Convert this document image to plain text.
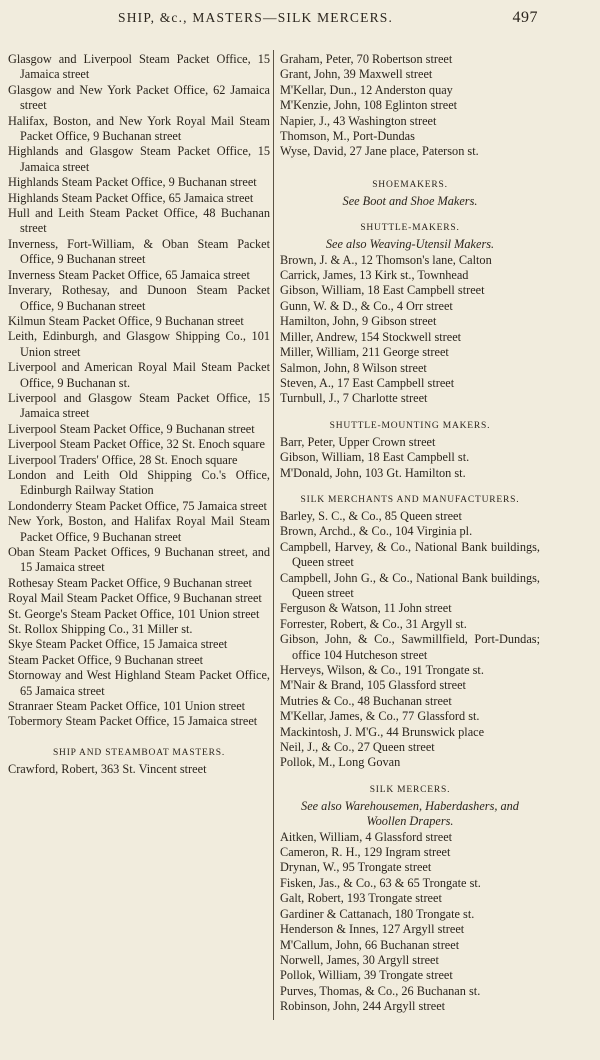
SHIP, &c., MASTERS—SILK MERCERS.	497
Glasgow and Liverpool Steam Packet Office, 15 Jamaica street
Glasgow and New York Packet Office, 62 Jamaica street
Halifax, Boston, and New York Royal Mail Steam Packet Office, 9 Buchanan street
Highlands and Glasgow Steam Packet Office, 15 Jamaica street
Highlands Steam Packet Office, 9 Buchanan street
Highlands Steam Packet Office, 65 Jamaica street
Hull and Leith Steam Packet Office, 48 Buchanan street
Inverness, Fort-William, & Oban Steam Packet Office, 9 Buchanan street
Inverness Steam Packet Office, 65 Jamaica street
Inverary, Rothesay, and Dunoon Steam Packet Office, 9 Buchanan street
Kilmun Steam Packet Office, 9 Buchanan street
Leith, Edinburgh, and Glasgow Shipping Co., 101 Union street
Liverpool and American Royal Mail Steam Packet Office, 9 Buchanan st.
Liverpool and Glasgow Steam Packet Office, 15 Jamaica street
Liverpool Steam Packet Office, 9 Buchanan street
Liverpool Steam Packet Office, 32 St. Enoch square
Liverpool Traders' Office, 28 St. Enoch square
London and Leith Old Shipping Co.'s Office, Edinburgh Railway Station
Londonderry Steam Packet Office, 75 Jamaica street
New York, Boston, and Halifax Royal Mail Steam Packet Office, 9 Buchanan street
Oban Steam Packet Offices, 9 Buchanan street, and 15 Jamaica street
Rothesay Steam Packet Office, 9 Buchanan street
Royal Mail Steam Packet Office, 9 Buchanan street
St. George's Steam Packet Office, 101 Union street
St. Rollox Shipping Co., 31 Miller st.
Skye Steam Packet Office, 15 Jamaica street
Steam Packet Office, 9 Buchanan street
Stornoway and West Highland Steam Packet Office, 65 Jamaica street
Stranraer Steam Packet Office, 101 Union street
Tobermory Steam Packet Office, 15 Jamaica street
SHIP AND STEAMBOAT MASTERS.
Crawford, Robert, 363 St. Vincent street
Graham, Peter, 70 Robertson street
Grant, John, 39 Maxwell street
M'Kellar, Dun., 12 Anderston quay
M'Kenzie, John, 108 Eglinton street
Napier, J., 43 Washington street
Thomson, M., Port-Dundas
Wyse, David, 27 Jane place, Paterson st.
SHOEMAKERS.
See Boot and Shoe Makers.
SHUTTLE-MAKERS.
See also Weaving-Utensil Makers.
Brown, J. & A., 12 Thomson's lane, Calton
Carrick, James, 13 Kirk st., Townhead
Gibson, William, 18 East Campbell street
Gunn, W. & D., & Co., 4 Orr street
Hamilton, John, 9 Gibson street
Miller, Andrew, 154 Stockwell street
Miller, William, 211 George street
Salmon, John, 8 Wilson street
Steven, A., 17 East Campbell street
Turnbull, J., 7 Charlotte street
SHUTTLE-MOUNTING MAKERS.
Barr, Peter, Upper Crown street
Gibson, William, 18 East Campbell st.
M'Donald, John, 103 Gt. Hamilton st.
SILK MERCHANTS AND MANUFACTURERS.
Barley, S. C., & Co., 85 Queen street
Brown, Archd., & Co., 104 Virginia pl.
Campbell, Harvey, & Co., National Bank buildings, Queen street
Campbell, John G., & Co., National Bank buildings, Queen street
Ferguson & Watson, 11 John street
Forrester, Robert, & Co., 31 Argyll st.
Gibson, John, & Co., Sawmillfield, Port-Dundas; office 104 Hutcheson street
Herveys, Wilson, & Co., 191 Trongate st.
M'Nair & Brand, 105 Glassford street
Mutries & Co., 48 Buchanan street
M'Kellar, James, & Co., 77 Glassford st.
Mackintosh, J. M'G., 44 Brunswick place
Neil, J., & Co., 27 Queen street
Pollok, M., Long Govan
SILK MERCERS.
See also Warehousemen, Haberdashers, and Woollen Drapers.
Aitken, William, 4 Glassford street
Cameron, R. H., 129 Ingram street
Drynan, W., 95 Trongate street
Fisken, Jas., & Co., 63 & 65 Trongate st.
Galt, Robert, 193 Trongate street
Gardiner & Cattanach, 180 Trongate st.
Henderson & Innes, 127 Argyll street
M'Callum, John, 66 Buchanan street
Norwell, James, 30 Argyll street
Pollok, William, 39 Trongate street
Purves, Thomas, & Co., 26 Buchanan st.
Robinson, John, 244 Argyll street
